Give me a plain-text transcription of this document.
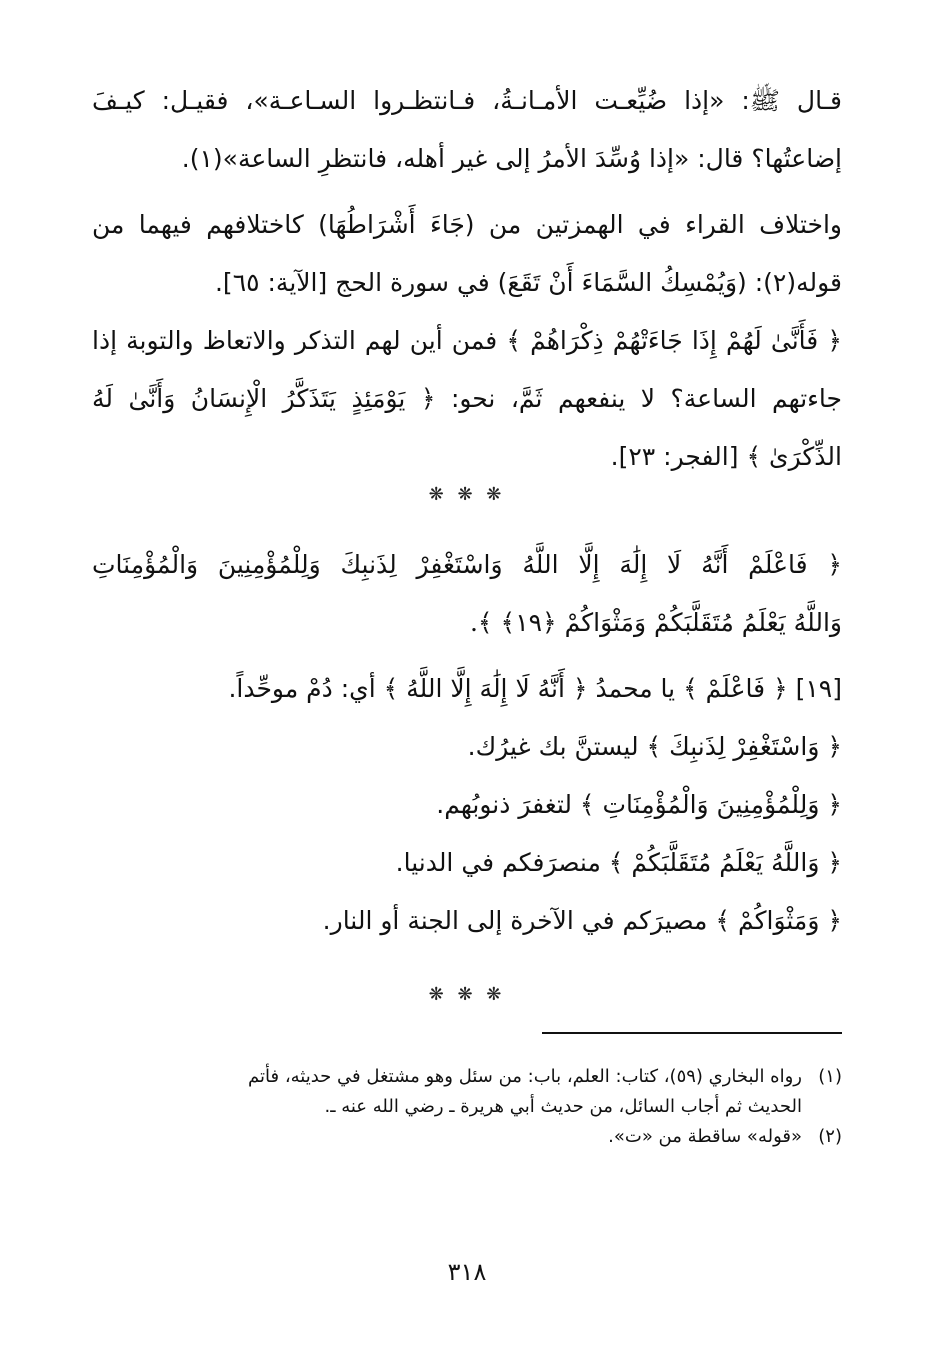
قـال ﷺ: «إذا ضُيِّعـت الأمـانـةُ، فـانتظـروا السـاعـة»، فقيـل: كيـفَ
إضاعتُها؟ قال: «إذا وُسِّدَ الأمرُ إلى غير أهله، فانتظرِ الساعة»(١).
واختلاف القراء في الهمزتين من (جَاءَ أَشْرَاطُهَا) كاختلافهم فيهما من
قوله(٢): (وَيُمْسِكُ السَّمَاءَ أَنْ تَقَعَ) في سورة الحج [الآية: ٦٥].
﴿ فَأَنَّىٰ لَهُمْ إِذَا جَاءَتْهُمْ ذِكْرَاهُمْ ﴾ فمن أين لهم التذكر والاتعاظ والتوبة إذا
جاءتهم الساعة؟ لا ينفعهم ثَمَّ، نحو: ﴿ يَوْمَئِذٍ يَتَذَكَّرُ الْإِنسَانُ وَأَنَّىٰ لَهُ
الذِّكْرَىٰ ﴾ [الفجر: ٢٣].
❋ ❋ ❋
﴿ فَاعْلَمْ أَنَّهُ لَا إِلَٰهَ إِلَّا اللَّهُ وَاسْتَغْفِرْ لِذَنبِكَ وَلِلْمُؤْمِنِينَ وَالْمُؤْمِنَاتِ
وَاللَّهُ يَعْلَمُ مُتَقَلَّبَكُمْ وَمَثْوَاكُمْ ﴿١٩﴾ ﴾.
[١٩] ﴿ فَاعْلَمْ ﴾ يا محمدُ ﴿ أَنَّهُ لَا إِلَٰهَ إِلَّا اللَّهُ ﴾ أي: دُمْ موحِّداً.
﴿ وَاسْتَغْفِرْ لِذَنبِكَ ﴾ ليستنَّ بك غيرُك.
﴿ وَلِلْمُؤْمِنِينَ وَالْمُؤْمِنَاتِ ﴾ لتغفرَ ذنوبُهم.
﴿ وَاللَّهُ يَعْلَمُ مُتَقَلَّبَكُمْ ﴾ منصرَفكم في الدنيا.
﴿ وَمَثْوَاكُمْ ﴾ مصيرَكم في الآخرة إلى الجنة أو النار.
❋ ❋ ❋
(١)رواه البخاري (٥٩)، كتاب: العلم، باب: من سئل وهو مشتغل في حديثه، فأتم
الحديث ثم أجاب السائل، من حديث أبي هريرة ـ رضي الله عنه ـ.
(٢)«قوله» ساقطة من «ت».
٣١٨
